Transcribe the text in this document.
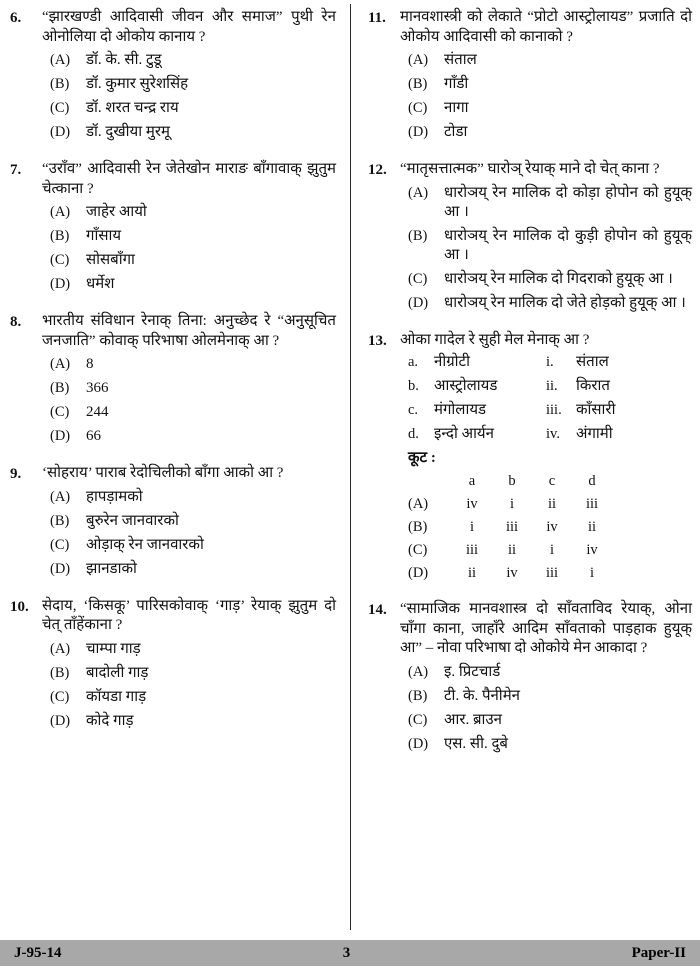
6.	“झारखण्डी आदिवासी जीवन और समाज” पुथी रेन ओनोलिया दो ओकोय कानाय ?
(A)	डॉ. के. सी. टुडू
(B)	डॉ. कुमार सुरेशसिंह
(C)	डॉ. शरत चन्द्र राय
(D)	डॉ. दुखीया मुरमू
7.	“उराँव” आदिवासी रेन जेतेखोन माराङ बॉंगावाक् झुतुम चेत्काना ?
(A)	जाहेर आयो
(B)	गॉंसाय
(C)	सोसबॉंगा
(D)	धर्मेश
8.	भारतीय संविधान रेनाक् तिना: अनुच्छेद रे “अनुसूचित जनजाति” कोवाक् परिभाषा ओलमेनाक् आ ?
(A)	8
(B)	366
(C)	244
(D)	66
9.	‘सोहराय’ पाराब रेदोचिलीको बॉंगा आको आ ?
(A)	हापड़ामको
(B)	बुरुरेन जानवारको
(C)	ओड़ाक् रेन जानवारको
(D)	झानडाको
10. सेदाय, ‘किसकू’ पारिसकोवाक् ‘गाड़’ रेयाक् झुतुम दो चेत् ताँहेंकाना ?
(A)	चाम्पा गाड़
(B)	बादोली गाड़
(C)	कॉयडा गाड़
(D)	कोदे गाड़
11. मानवशास्त्री को लेकाते “प्रोटो आस्ट्रोलायड” प्रजाति दो ओकोय आदिवासी को कानाको ?
(A)	संताल
(B)	गॉंडी
(C)	नागा
(D)	टोडा
12. “मातृसत्तात्मक” घारोञ् रेयाक् माने दो चेत् काना ?
(A)	धारोञय् रेन मालिक दो कोड़ा होपोन को हुयूक् आ ।
(B)	धारोञय् रेन मालिक दो कुड़ी होपोन को हुयूक् आ ।
(C)	धारोञय् रेन मालिक दो गिदराको हुयूक् आ ।
(D)	धारोञय् रेन मालिक दो जेते होड़को हुयूक् आ ।
13. ओका गादेल रे सुही मेल मेनाक् आ ?
a.	नीग्रोटी	i.	संताल
b.	आस्ट्रोलायड	ii.	किरात
c.	मंगोलायड	iii. काँसारी
d.	इन्दो आर्यन	iv.	अंगामी
कूट :
a	b	c	d
(A)	iv	i	ii	iii
(B)	i	iii	iv	ii
(C)	iii	ii	i	iv
(D)	ii	iv	iii	i
14. “सामाजिक मानवशास्त्र दो साँवताविद रेयाक्, ओना चाँगा काना, जाहाँरे आदिम साँवताको पाड़हाक हुयूक् आ” – नोवा परिभाषा दो ओकोये मेन आकादा ?
(A)	इ. प्रिटचार्ड
(B)	टी. के. पैनीमेन
(C)	आर. ब्राउन
(D)	एस. सी. दुबे
J-95-14	3	Paper-II
